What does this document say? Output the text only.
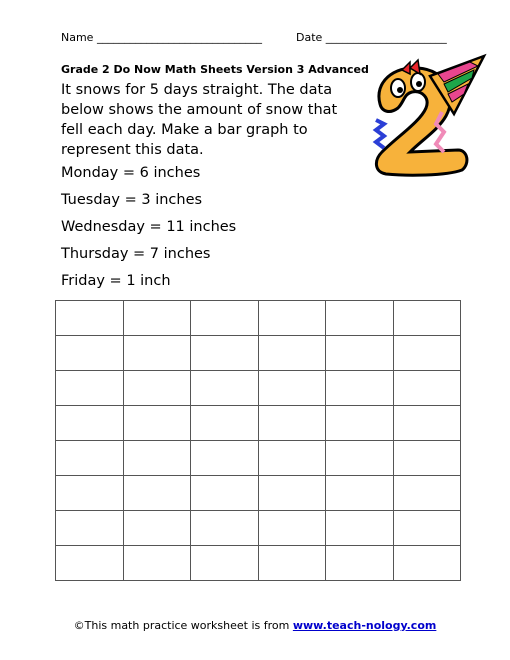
Name ______________________________	Date ______________________
Grade 2 Do Now Math Sheets Version 3 Advanced

It snows for 5 days straight. The data below shows the amount of snow that fell each day. Make a bar graph to represent this data.

Monday = 6 inches

Tuesday = 3 inches

Wednesday = 11 inches

Thursday = 7 inches

Friday = 1 inch

©This math practice worksheet is from www.teach-nology.com
